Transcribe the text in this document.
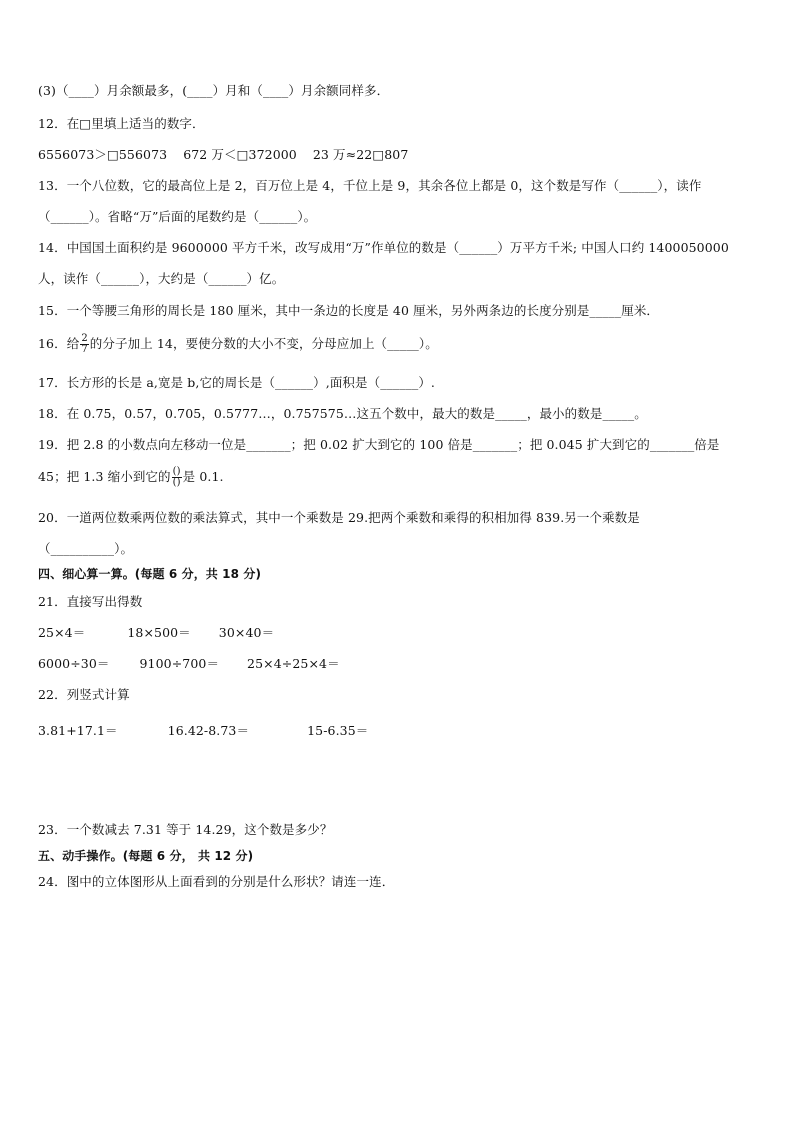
(3)（____）月余额最多，(____）月和（____）月余额同样多．
12．在□里填上适当的数字．
6556073＞□556073 672 万＜□372000 23 万≈22□807
13．一个八位数，它的最高位上是 2，百万位上是 4，千位上是 9，其余各位上都是 0，这个数是写作（______），读作
（______）。省略“万”后面的尾数约是（______）。
14．中国国土面积约是 9600000 平方千米，改写成用“万”作单位的数是（______）万平方千米; 中国人口约 1400050000
人，读作（______），大约是（______）亿。
15．一个等腰三角形的周长是 180 厘米，其中一条边的长度是 40 厘米，另外两条边的长度分别是_____厘米．
16．给 $\frac{2}{7}$ 的分子加上 14，要使分数的大小不变，分母应加上（_____）。
17．长方形的长是 a,宽是 b,它的周长是（______）,面积是（______）.
18．在 0.75，0.57，0.705，0.5777…，0.757575…这五个数中，最大的数是_____，最小的数是_____。
19．把 2.8 的小数点向左移动一位是_______；把 0.02 扩大到它的 100 倍是_______；把 0.045 扩大到它的_______倍是
45；把 1.3 缩小到它的 $\frac{()}{()}$ 是 0.1.
20．一道两位数乘两位数的乘法算式，其中一个乘数是 29.把两个乘数和乘得的积相加得 839.另一个乘数是
（__________）。
四、细心算一算。(每题 6 分，共 18 分)
21．直接写出得数
25×4＝	18×500＝ 30×40＝
6000÷30＝ 9100÷700＝ 25×4÷25×4＝
22．列竖式计算
3.81+17.1＝	16.42-8.73＝	15-6.35＝
23．一个数减去 7.31 等于 14.29，这个数是多少？
五、动手操作。(每题 6 分， 共 12 分)
24．图中的立体图形从上面看到的分别是什么形状？请连一连．
